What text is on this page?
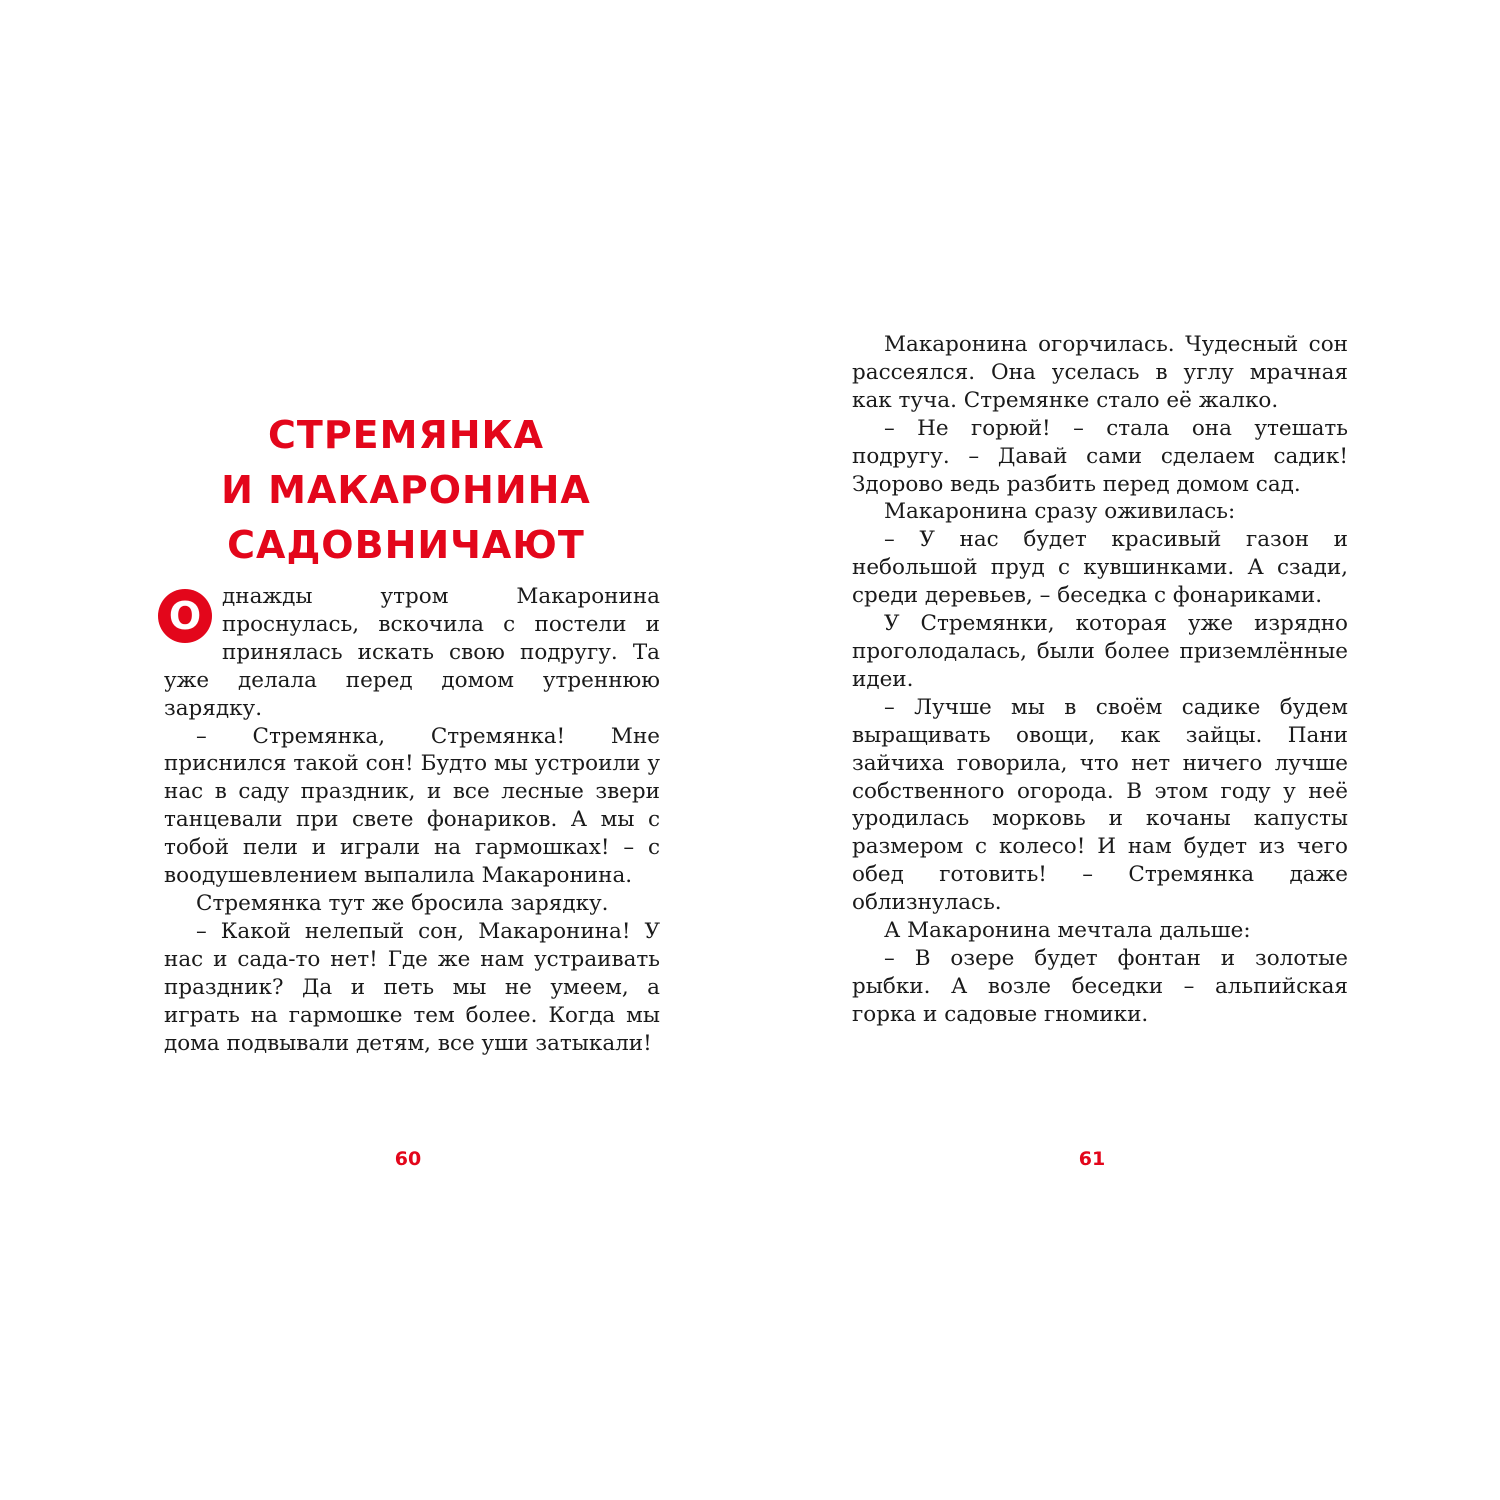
СТРЕМЯНКА
И МАКАРОНИНА
САДОВНИЧАЮТ

О днажды утром Макаронина проснулась, вскочила с постели и принялась искать свою подругу. Та уже делала перед домом утреннюю зарядку.

– Стремянка, Стремянка! Мне приснился такой сон! Будто мы устроили у нас в саду праздник, и все лесные звери танцевали при свете фонариков. А мы с тобой пели и играли на гармошках! – с воодушевлением выпалила Макаронина.

Стремянка тут же бросила зарядку.

– Какой нелепый сон, Макаронина! У нас и сада-то нет! Где же нам устраивать праздник? Да и петь мы не умеем, а играть на гармошке тем более. Когда мы дома подвывали детям, все уши затыкали!

60

Макаронина огорчилась. Чудесный сон рассеялся. Она уселась в углу мрачная как туча. Стремянке стало её жалко.

– Не горюй! – стала она утешать подругу. – Давай сами сделаем садик! Здорово ведь разбить перед домом сад.

Макаронина сразу оживилась:

– У нас будет красивый газон и небольшой пруд с кувшинками. А сзади, среди деревьев, – беседка с фонариками.

У Стремянки, которая уже изрядно проголодалась, были более приземлённые идеи.

– Лучше мы в своём садике будем выращивать овощи, как зайцы. Пани зайчиха говорила, что нет ничего лучше собственного огорода. В этом году у неё уродилась морковь и кочаны капусты размером с колесо! И нам будет из чего обед готовить! – Стремянка даже облизнулась.

А Макаронина мечтала дальше:

– В озере будет фонтан и золотые рыбки. А возле беседки – альпийская горка и садовые гномики.

61
